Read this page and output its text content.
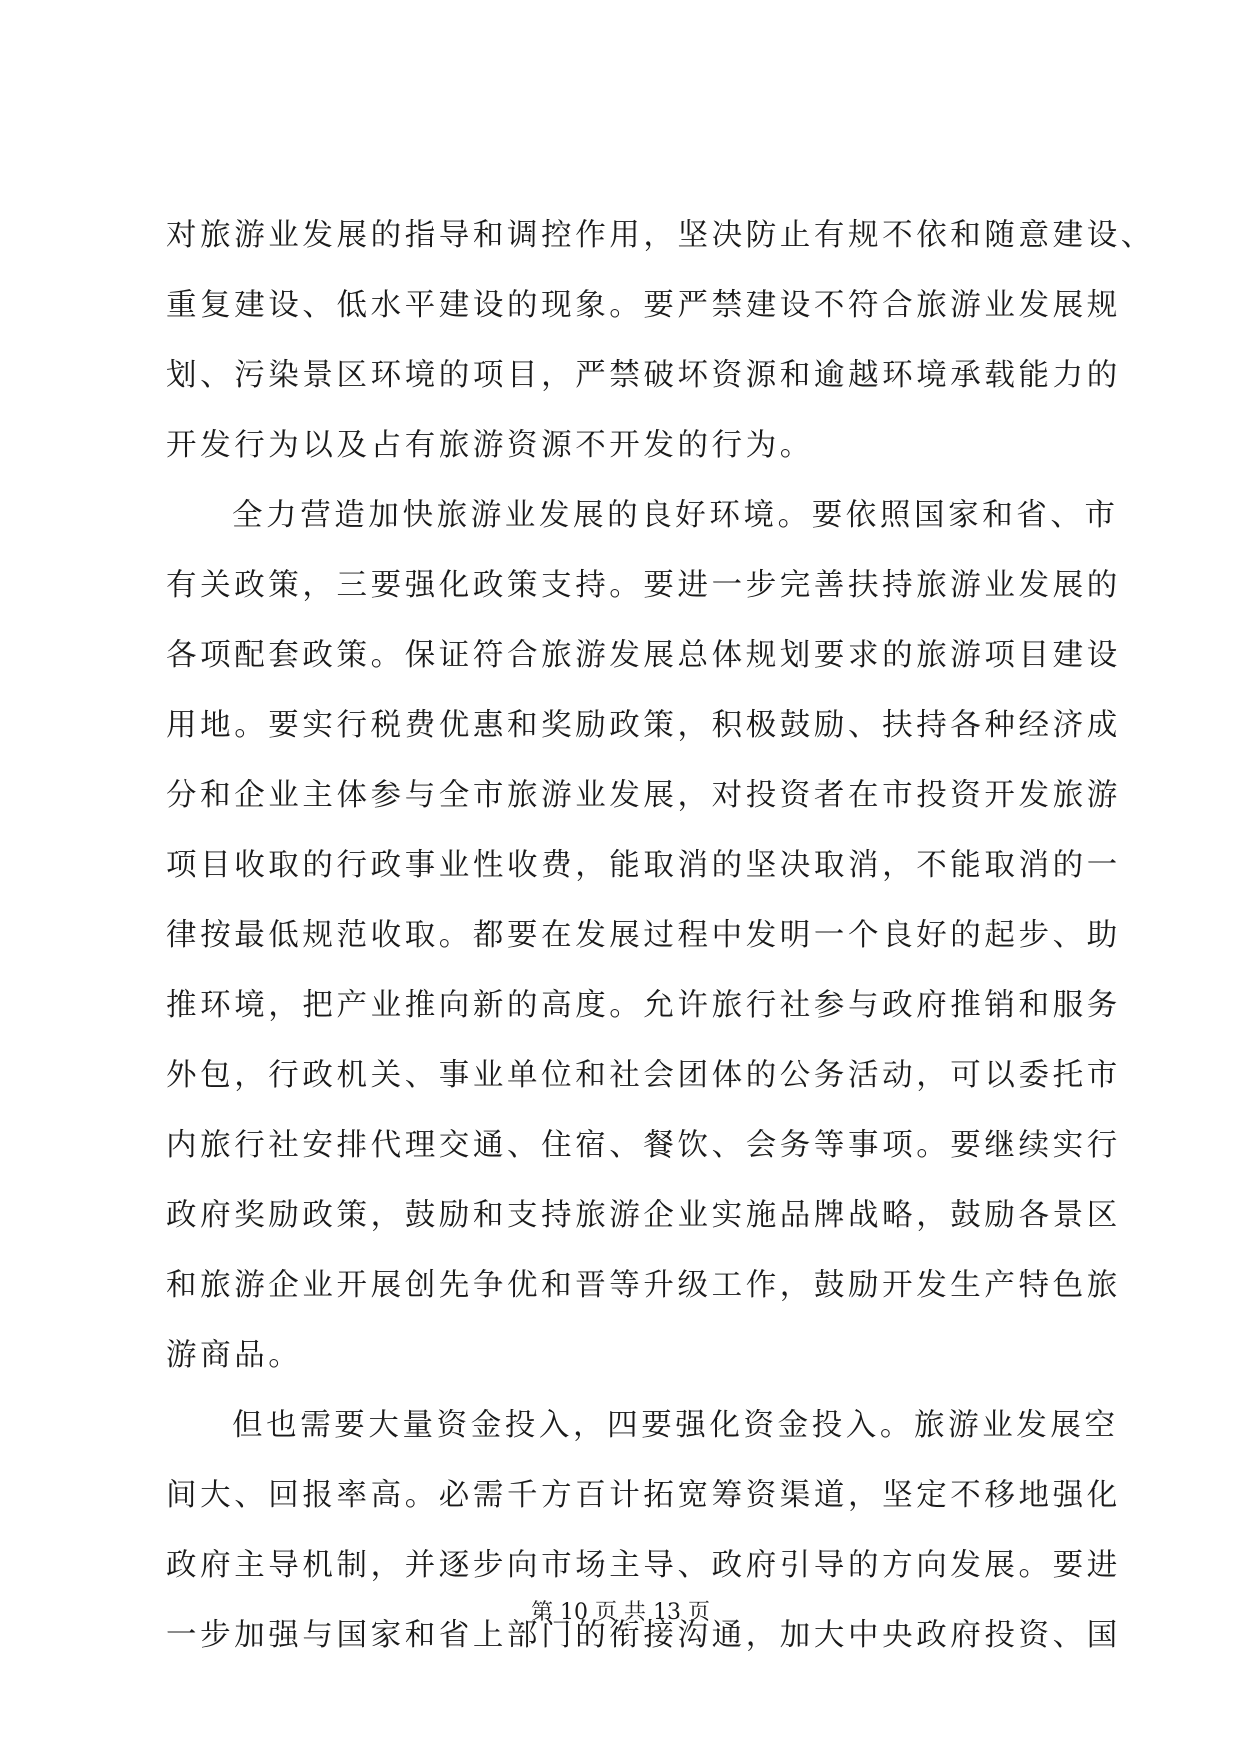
对旅游业发展的指导和调控作用，坚决防止有规不依和随意建设、
重复建设、低水平建设的现象。要严禁建设不符合旅游业发展规
划、污染景区环境的项目，严禁破坏资源和逾越环境承载能力的
开发行为以及占有旅游资源不开发的行为。
全力营造加快旅游业发展的良好环境。要依照国家和省、市
有关政策，三要强化政策支持。要进一步完善扶持旅游业发展的
各项配套政策。保证符合旅游发展总体规划要求的旅游项目建设
用地。要实行税费优惠和奖励政策，积极鼓励、扶持各种经济成
分和企业主体参与全市旅游业发展，对投资者在市投资开发旅游
项目收取的行政事业性收费，能取消的坚决取消，不能取消的一
律按最低规范收取。都要在发展过程中发明一个良好的起步、助
推环境，把产业推向新的高度。允许旅行社参与政府推销和服务
外包，行政机关、事业单位和社会团体的公务活动，可以委托市
内旅行社安排代理交通、住宿、餐饮、会务等事项。要继续实行
政府奖励政策，鼓励和支持旅游企业实施品牌战略，鼓励各景区
和旅游企业开展创先争优和晋等升级工作，鼓励开发生产特色旅
游商品。
但也需要大量资金投入，四要强化资金投入。旅游业发展空
间大、回报率高。必需千方百计拓宽筹资渠道，坚定不移地强化
政府主导机制，并逐步向市场主导、政府引导的方向发展。要进
一步加强与国家和省上部门的衔接沟通，加大中央政府投资、国
第 10 页 共 13 页
